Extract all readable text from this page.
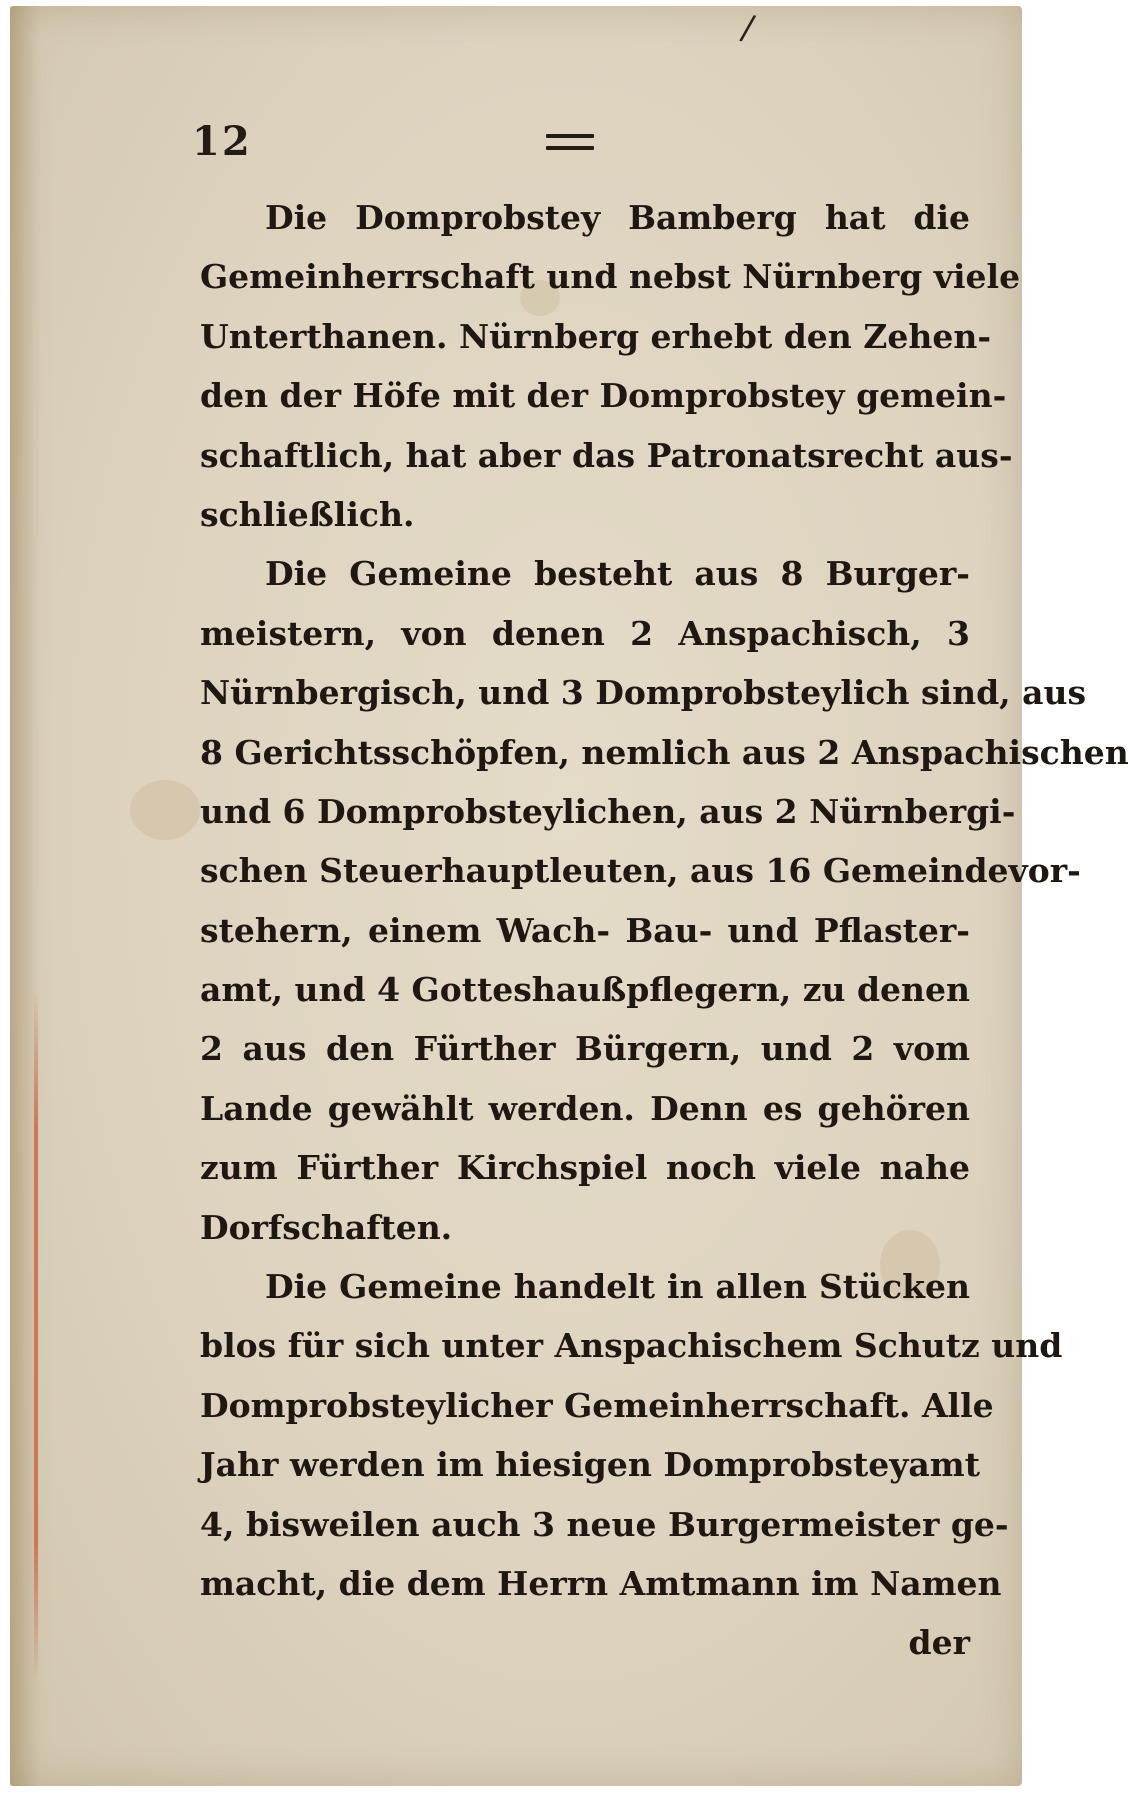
/
12
Die Domprobstey Bamberg hat die
Gemeinherrschaft und nebst Nürnberg viele
Unterthanen. Nürnberg erhebt den Zehen-
den der Höfe mit der Domprobstey gemein-
schaftlich, hat aber das Patronatsrecht aus-
schließlich.
Die Gemeine besteht aus 8 Burger-
meistern, von denen 2 Anspachisch, 3
Nürnbergisch, und 3 Domprobsteylich sind, aus
8 Gerichtsschöpfen, nemlich aus 2 Anspachischen
und 6 Domprobsteylichen, aus 2 Nürnbergi-
schen Steuerhauptleuten, aus 16 Gemeindevor-
stehern, einem Wach- Bau- und Pflaster-
amt, und 4 Gotteshaußpflegern, zu denen
2 aus den Fürther Bürgern, und 2 vom
Lande gewählt werden. Denn es gehören
zum Fürther Kirchspiel noch viele nahe
Dorfschaften.
Die Gemeine handelt in allen Stücken
blos für sich unter Anspachischem Schutz und
Domprobsteylicher Gemeinherrschaft. Alle
Jahr werden im hiesigen Domprobsteyamt
4, bisweilen auch 3 neue Burgermeister ge-
macht, die dem Herrn Amtmann im Namen
der
